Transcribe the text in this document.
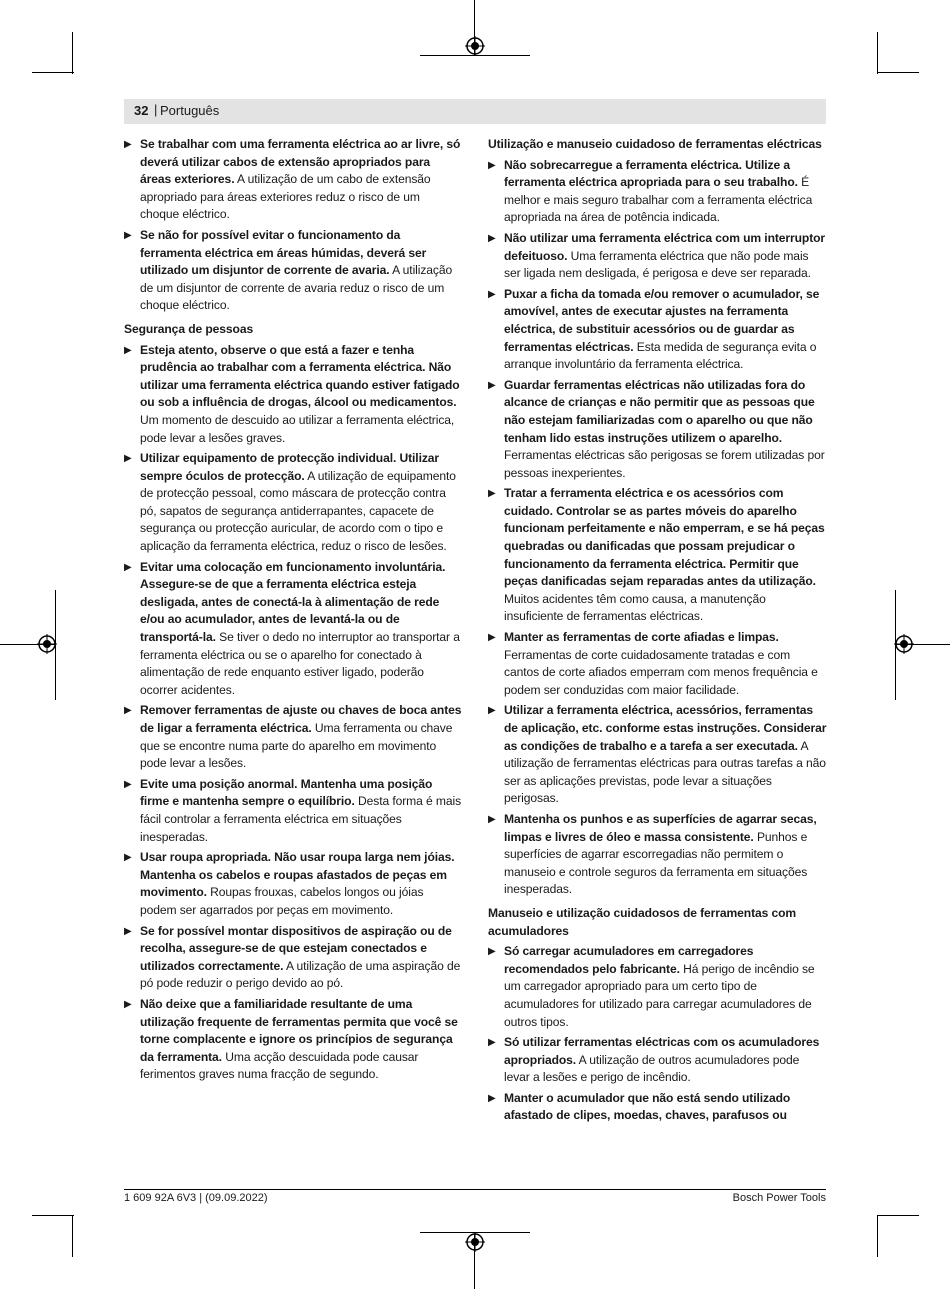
32 | Português
▶ Se trabalhar com uma ferramenta eléctrica ao ar livre, só deverá utilizar cabos de extensão apropriados para áreas exteriores. A utilização de um cabo de extensão apropriado para áreas exteriores reduz o risco de um choque eléctrico.
▶ Se não for possível evitar o funcionamento da ferramenta eléctrica em áreas húmidas, deverá ser utilizado um disjuntor de corrente de avaria. A utilização de um disjuntor de corrente de avaria reduz o risco de um choque eléctrico.
Segurança de pessoas
▶ Esteja atento, observe o que está a fazer e tenha prudência ao trabalhar com a ferramenta eléctrica. Não utilizar uma ferramenta eléctrica quando estiver fatigado ou sob a influência de drogas, álcool ou medicamentos. Um momento de descuido ao utilizar a ferramenta eléctrica, pode levar a lesões graves.
▶ Utilizar equipamento de protecção individual. Utilizar sempre óculos de protecção. A utilização de equipamento de protecção pessoal, como máscara de protecção contra pó, sapatos de segurança antiderrapantes, capacete de segurança ou protecção auricular, de acordo com o tipo e aplicação da ferramenta eléctrica, reduz o risco de lesões.
▶ Evitar uma colocação em funcionamento involuntária. Assegure-se de que a ferramenta eléctrica esteja desligada, antes de conectá-la à alimentação de rede e/ou ao acumulador, antes de levantá-la ou de transportá-la. Se tiver o dedo no interruptor ao transportar a ferramenta eléctrica ou se o aparelho for conectado à alimentação de rede enquanto estiver ligado, poderão ocorrer acidentes.
▶ Remover ferramentas de ajuste ou chaves de boca antes de ligar a ferramenta eléctrica. Uma ferramenta ou chave que se encontre numa parte do aparelho em movimento pode levar a lesões.
▶ Evite uma posição anormal. Mantenha uma posição firme e mantenha sempre o equilíbrio. Desta forma é mais fácil controlar a ferramenta eléctrica em situações inesperadas.
▶ Usar roupa apropriada. Não usar roupa larga nem jóias. Mantenha os cabelos e roupas afastados de peças em movimento. Roupas frouxas, cabelos longos ou jóias podem ser agarrados por peças em movimento.
▶ Se for possível montar dispositivos de aspiração ou de recolha, assegure-se de que estejam conectados e utilizados correctamente. A utilização de uma aspiração de pó pode reduzir o perigo devido ao pó.
▶ Não deixe que a familiaridade resultante de uma utilização frequente de ferramentas permita que você se torne complacente e ignore os princípios de segurança da ferramenta. Uma acção descuidada pode causar ferimentos graves numa fracção de segundo.
Utilização e manuseio cuidadoso de ferramentas eléctricas
▶ Não sobrecarregue a ferramenta eléctrica. Utilize a ferramenta eléctrica apropriada para o seu trabalho. É melhor e mais seguro trabalhar com a ferramenta eléctrica apropriada na área de potência indicada.
▶ Não utilizar uma ferramenta eléctrica com um interruptor defeituoso. Uma ferramenta eléctrica que não pode mais ser ligada nem desligada, é perigosa e deve ser reparada.
▶ Puxar a ficha da tomada e/ou remover o acumulador, se amovível, antes de executar ajustes na ferramenta eléctrica, de substituir acessórios ou de guardar as ferramentas eléctricas. Esta medida de segurança evita o arranque involuntário da ferramenta eléctrica.
▶ Guardar ferramentas eléctricas não utilizadas fora do alcance de crianças e não permitir que as pessoas que não estejam familiarizadas com o aparelho ou que não tenham lido estas instruções utilizem o aparelho. Ferramentas eléctricas são perigosas se forem utilizadas por pessoas inexperientes.
▶ Tratar a ferramenta eléctrica e os acessórios com cuidado. Controlar se as partes móveis do aparelho funcionam perfeitamente e não emperram, e se há peças quebradas ou danificadas que possam prejudicar o funcionamento da ferramenta eléctrica. Permitir que peças danificadas sejam reparadas antes da utilização. Muitos acidentes têm como causa, a manutenção insuficiente de ferramentas eléctricas.
▶ Manter as ferramentas de corte afiadas e limpas. Ferramentas de corte cuidadosamente tratadas e com cantos de corte afiados emperram com menos frequência e podem ser conduzidas com maior facilidade.
▶ Utilizar a ferramenta eléctrica, acessórios, ferramentas de aplicação, etc. conforme estas instruções. Considerar as condições de trabalho e a tarefa a ser executada. A utilização de ferramentas eléctricas para outras tarefas a não ser as aplicações previstas, pode levar a situações perigosas.
▶ Mantenha os punhos e as superfícies de agarrar secas, limpas e livres de óleo e massa consistente. Punhos e superfícies de agarrar escorregadias não permitem o manuseio e controle seguros da ferramenta em situações inesperadas.
Manuseio e utilização cuidadosos de ferramentas com acumuladores
▶ Só carregar acumuladores em carregadores recomendados pelo fabricante. Há perigo de incêndio se um carregador apropriado para um certo tipo de acumuladores for utilizado para carregar acumuladores de outros tipos.
▶ Só utilizar ferramentas eléctricas com os acumuladores apropriados. A utilização de outros acumuladores pode levar a lesões e perigo de incêndio.
▶ Manter o acumulador que não está sendo utilizado afastado de clipes, moedas, chaves, parafusos ou
1 609 92A 6V3 | (09.09.2022)	Bosch Power Tools
